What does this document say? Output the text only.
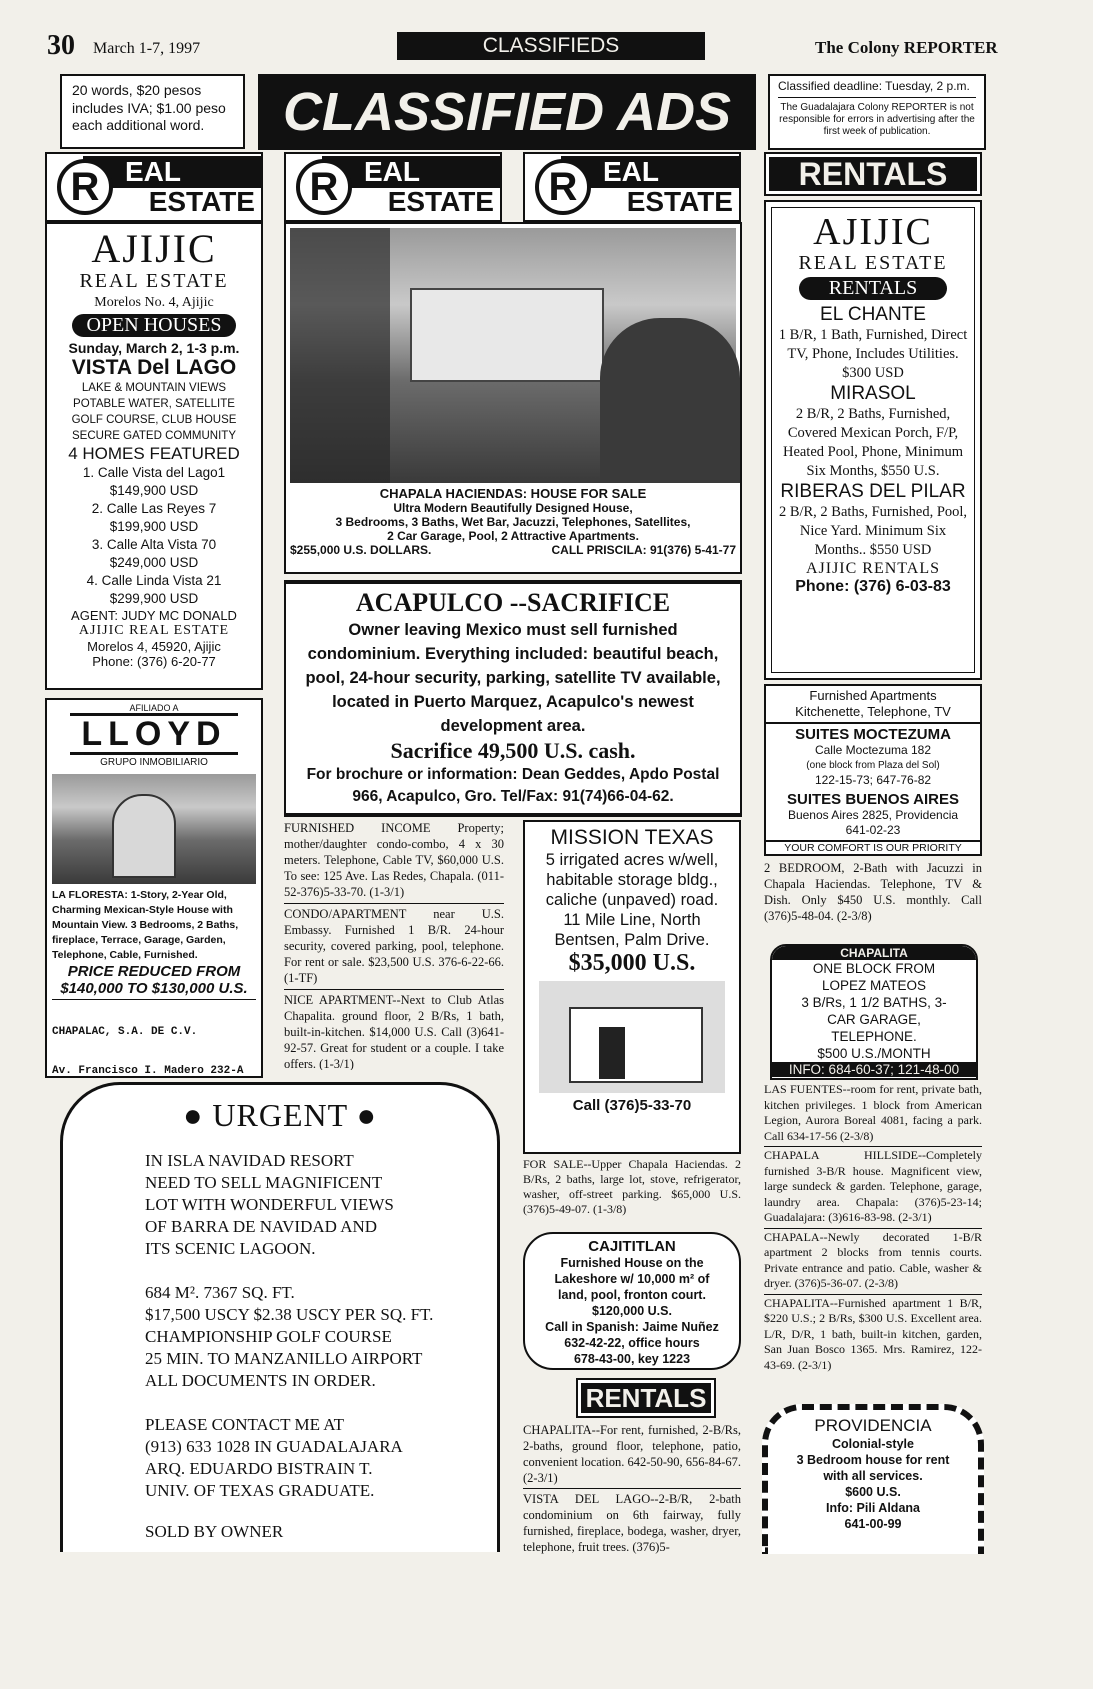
30 March 1-7, 1997	CLASSIFIEDS	The Colony REPORTER
20 words, $20 pesos
includes IVA; $1.00 peso
each additional word.	CLASSIFIED ADS	Classified deadline: Tuesday, 2 p.m.
The Guadalajara Colony REPORTER is not responsible for errors in advertising after the first week of publication.
R EAL
ESTATE	R EAL
ESTATE	R EAL
ESTATE
RENTALS
AJIJIC
REAL ESTATE
Morelos No. 4, Ajijic
OPEN HOUSES
Sunday, March 2, 1-3 p.m.
VISTA Del LAGO
LAKE & MOUNTAIN VIEWS
POTABLE WATER, SATELLITE
GOLF COURSE, CLUB HOUSE
SECURE GATED COMMUNITY
4 HOMES FEATURED
1. Calle Vista del Lago1
$149,900 USD
2. Calle Las Reyes 7
$199,900 USD
3. Calle Alta Vista 70
$249,000 USD
4. Calle Linda Vista 21
$299,900 USD
AGENT: JUDY MC DONALD
AJIJIC REAL ESTATE
Morelos 4, 45920, Ajijic
Phone: (376) 6-20-77
AFILIADO A
LLOYD
GRUPO INMOBILIARIO
LA FLORESTA: 1-Story, 2-Year Old, Charming Mexican-Style House with Mountain View. 3 Bedrooms, 2 Baths, fireplace, Terrace, Garage, Garden, Telephone, Cable, Furnished.
PRICE REDUCED FROM
$140,000 TO $130,000 U.S.

CHAPALAC, S.A. DE C.V.

Av. Francisco I. Madero 232-A

CHAPALA HACIENDAS: HOUSE FOR SALE
Ultra Modern Beautifully Designed House,
3 Bedrooms, 3 Baths, Wet Bar, Jacuzzi, Telephones, Satellites,
2 Car Garage, Pool, 2 Attractive Apartments.
$255,000 U.S. DOLLARS.	CALL PRISCILA: 91(376) 5-41-77
ACAPULCO --SACRIFICE
Owner leaving Mexico must sell furnished condominium. Everything included: beautiful beach, pool, 24-hour security, parking, satellite TV available, located in Puerto Marquez, Acapulco's newest development area.
Sacrifice 49,500 U.S. cash.
For brochure or information: Dean Geddes, Apdo Postal 966, Acapulco, Gro. Tel/Fax: 91(74)66-04-62.
FURNISHED INCOME Property; mother/daughter condo-combo, 4 x 30 meters. Telephone, Cable TV, $60,000 U.S. To see: 125 Ave. Las Redes, Chapala. (011-52-376)5-33-70. (1-3/1)
CONDO/APARTMENT near U.S. Embassy. Furnished 1 B/R. 24-hour security, covered parking, pool, telephone. For rent or sale. $23,500 U.S. 376-6-22-66. (1-TF)
NICE APARTMENT--Next to Club Atlas Chapalita. ground floor, 2 B/Rs, 1 bath, built-in-kitchen. $14,000 U.S. Call (3)641-92-57. Great for student or a couple. I take offers. (1-3/1)
MISSION TEXAS
5 irrigated acres w/well,
habitable storage bldg.,
caliche (unpaved) road.
11 Mile Line, North
Bentsen, Palm Drive.
$35,000 U.S.
Call (376)5-33-70
FOR SALE--Upper Chapala Haciendas. 2 B/Rs, 2 baths, large lot, stove, refrigerator, washer, off-street parking. $65,000 U.S. (376)5-49-07. (1-3/8)
CAJITITLAN
Furnished House on the
Lakeshore w/ 10,000 m² of
land, pool, fronton court.
$120,000 U.S.
Call in Spanish: Jaime Nuñez
632-42-22, office hours
678-43-00, key 1223
RENTALS
CHAPALITA--For rent, furnished, 2-B/Rs, 2-baths, ground floor, telephone, patio, convenient location. 642-50-90, 656-84-67. (2-3/1)
VISTA DEL LAGO--2-B/R, 2-bath condominium on 6th fairway, fully furnished, fireplace, bodega, washer, dryer, telephone, fruit trees. (376)5-
● URGENT ●
IN ISLA NAVIDAD RESORT
NEED TO SELL MAGNIFICENT
LOT WITH WONDERFUL VIEWS
OF BARRA DE NAVIDAD AND
ITS SCENIC LAGOON.
684 M². 7367 SQ. FT.
$17,500 USCY $2.38 USCY PER SQ. FT.
CHAMPIONSHIP GOLF COURSE
25 MIN. TO MANZANILLO AIRPORT
ALL DOCUMENTS IN ORDER.
PLEASE CONTACT ME AT
(913) 633 1028 IN GUADALAJARA
ARQ. EDUARDO BISTRAIN T.
UNIV. OF TEXAS GRADUATE.
SOLD BY OWNER
AJIJIC
REAL ESTATE
RENTALS
EL CHANTE
1 B/R, 1 Bath, Furnished, Direct TV, Phone, Includes Utilities. $300 USD
MIRASOL
2 B/R, 2 Baths, Furnished, Covered Mexican Porch, F/P, Heated Pool, Phone, Minimum Six Months, $550 U.S.
RIBERAS DEL PILAR
2 B/R, 2 Baths, Furnished, Pool, Nice Yard. Minimum Six Months.. $550 USD
AJIJIC RENTALS
Phone: (376) 6-03-83
Furnished Apartments
Kitchenette, Telephone, TV
SUITES MOCTEZUMA
Calle Moctezuma 182
(one block from Plaza del Sol)
122-15-73; 647-76-82
SUITES BUENOS AIRES
Buenos Aires 2825, Providencia
641-02-23
YOUR COMFORT IS OUR PRIORITY
2 BEDROOM, 2-Bath with Jacuzzi in Chapala Haciendas. Telephone, TV & Dish. Only $450 U.S. monthly. Call (376)5-48-04. (2-3/8)
CHAPALITA
ONE BLOCK FROM
LOPEZ MATEOS
3 B/Rs, 1 1/2 BATHS, 3-
CAR GARAGE,
TELEPHONE.
$500 U.S./MONTH
INFO: 684-60-37; 121-48-00
LAS FUENTES--room for rent, private bath, kitchen privileges. 1 block from American Legion, Aurora Boreal 4081, facing a park. Call 634-17-56 (2-3/8)
CHAPALA HILLSIDE--Completely furnished 3-B/R house. Magnificent view, large sundeck & garden. Telephone, garage, laundry area. Chapala: (376)5-23-14; Guadalajara: (3)616-83-98. (2-3/1)
CHAPALA--Newly decorated 1-B/R apartment 2 blocks from tennis courts. Private entrance and patio. Cable, washer & dryer. (376)5-36-07. (2-3/8)
CHAPALITA--Furnished apartment 1 B/R, $220 U.S.; 2 B/Rs, $300 U.S. Excellent area. L/R, D/R, 1 bath, built-in kitchen, garden, San Juan Bosco 1365. Mrs. Ramirez, 122-43-69. (2-3/1)
PROVIDENCIA
Colonial-style
3 Bedroom house for rent
with all services.
$600 U.S.
Info: Pili Aldana
641-00-99
